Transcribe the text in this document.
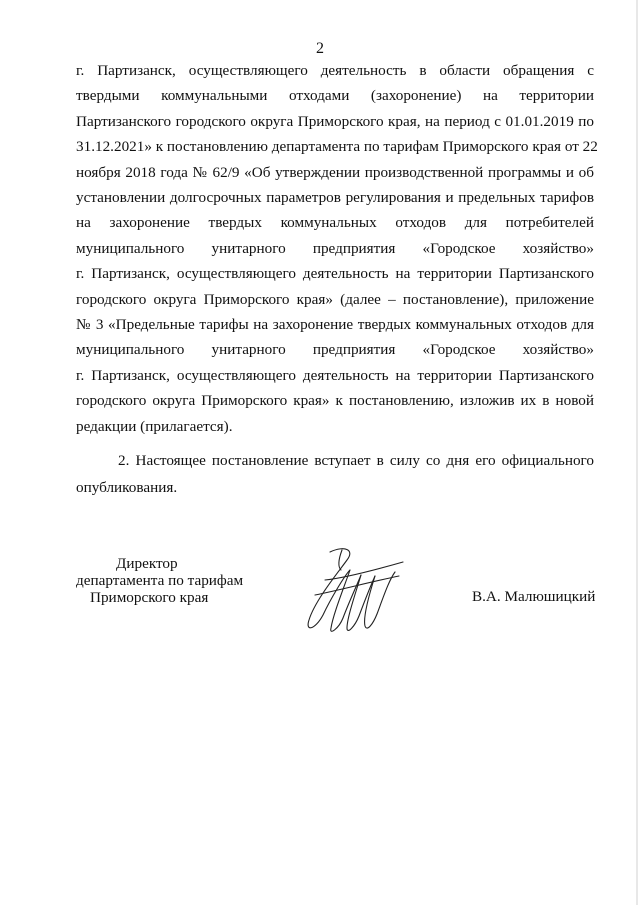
2
г. Партизанск, осуществляющего деятельность в области обращения с
твердыми коммунальными отходами (захоронение) на территории
Партизанского городского округа Приморского края, на период с 01.01.2019 по
31.12.2021» к постановлению департамента по тарифам Приморского края от 22
ноября 2018 года № 62/9 «Об утверждении производственной программы и об
установлении долгосрочных параметров регулирования и предельных тарифов
на захоронение твердых коммунальных отходов для потребителей
муниципального унитарного предприятия «Городское хозяйство»
г. Партизанск, осуществляющего деятельность на территории Партизанского
городского округа Приморского края» (далее – постановление), приложение
№ 3 «Предельные тарифы на захоронение твердых коммунальных отходов для
муниципального унитарного предприятия «Городское хозяйство»
г. Партизанск, осуществляющего деятельность на территории Партизанского
городского округа Приморского края» к постановлению, изложив их в новой
редакции (прилагается).
2. Настоящее постановление вступает в силу со дня его официального
опубликования.
Директор
департамента по тарифам
Приморского края	В.А. Малюшицкий
